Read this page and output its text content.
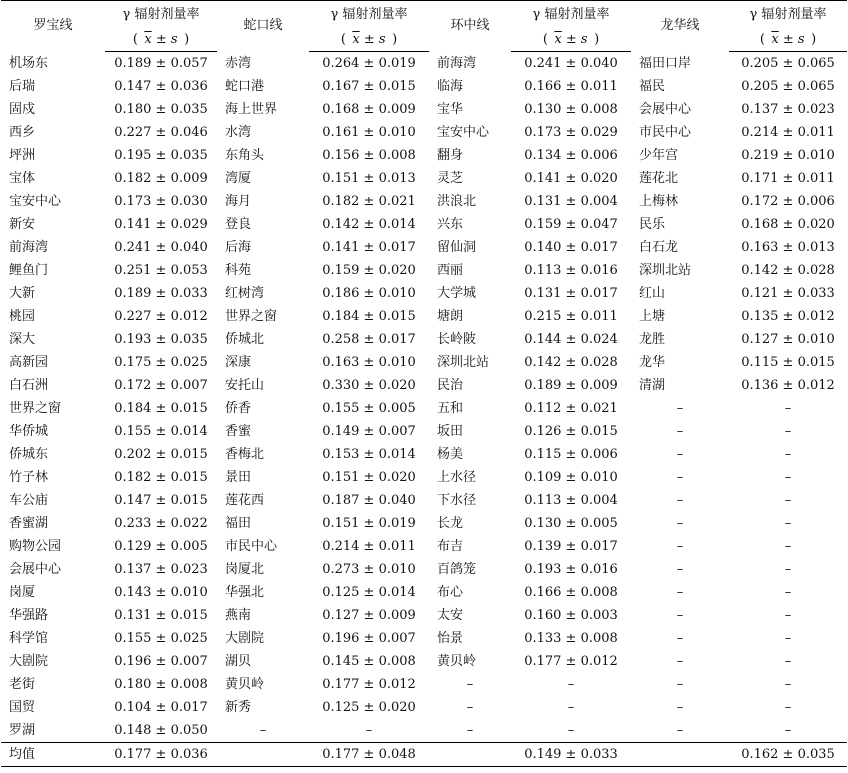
罗宝线	γ 辐射剂量率	蛇口线	γ 辐射剂量率	环中线	γ 辐射剂量率	龙华线	γ 辐射剂量率
	(  $\overline{x} \pm s$  )		(  $\overline{x} \pm s$  )		(  $\overline{x} \pm s$  )		(  $\overline{x} \pm s$  )
机场东	0.189 ± 0.057	赤湾	0.264 ± 0.019	前海湾	0.241 ± 0.040	福田口岸	0.205 ± 0.065
后瑞	0.147 ± 0.036	蛇口港	0.167 ± 0.015	临海	0.166 ± 0.011	福民	0.205 ± 0.065
固戍	0.180 ± 0.035	海上世界	0.168 ± 0.009	宝华	0.130 ± 0.008	会展中心	0.137 ± 0.023
西乡	0.227 ± 0.046	水湾	0.161 ± 0.010	宝安中心	0.173 ± 0.029	市民中心	0.214 ± 0.011
坪洲	0.195 ± 0.035	东角头	0.156 ± 0.008	翻身	0.134 ± 0.006	少年宫	0.219 ± 0.010
宝体	0.182 ± 0.009	湾厦	0.151 ± 0.013	灵芝	0.141 ± 0.020	莲花北	0.171 ± 0.011
宝安中心	0.173 ± 0.030	海月	0.182 ± 0.021	洪浪北	0.131 ± 0.004	上梅林	0.172 ± 0.006
新安	0.141 ± 0.029	登良	0.142 ± 0.014	兴东	0.159 ± 0.047	民乐	0.168 ± 0.020
前海湾	0.241 ± 0.040	后海	0.141 ± 0.017	留仙洞	0.140 ± 0.017	白石龙	0.163 ± 0.013
鲤鱼门	0.251 ± 0.053	科苑	0.159 ± 0.020	西丽	0.113 ± 0.016	深圳北站	0.142 ± 0.028
大新	0.189 ± 0.033	红树湾	0.186 ± 0.010	大学城	0.131 ± 0.017	红山	0.121 ± 0.033
桃园	0.227 ± 0.012	世界之窗	0.184 ± 0.015	塘朗	0.215 ± 0.011	上塘	0.135 ± 0.012
深大	0.193 ± 0.035	侨城北	0.258 ± 0.017	长岭陂	0.144 ± 0.024	龙胜	0.127 ± 0.010
高新园	0.175 ± 0.025	深康	0.163 ± 0.010	深圳北站	0.142 ± 0.028	龙华	0.115 ± 0.015
白石洲	0.172 ± 0.007	安托山	0.330 ± 0.020	民治	0.189 ± 0.009	清湖	0.136 ± 0.012
世界之窗	0.184 ± 0.015	侨香	0.155 ± 0.005	五和	0.112 ± 0.021	–	–
华侨城	0.155 ± 0.014	香蜜	0.149 ± 0.007	坂田	0.126 ± 0.015	–	–
侨城东	0.202 ± 0.015	香梅北	0.153 ± 0.014	杨美	0.115 ± 0.006	–	–
竹子林	0.182 ± 0.015	景田	0.151 ± 0.020	上水径	0.109 ± 0.010	–	–
车公庙	0.147 ± 0.015	莲花西	0.187 ± 0.040	下水径	0.113 ± 0.004	–	–
香蜜湖	0.233 ± 0.022	福田	0.151 ± 0.019	长龙	0.130 ± 0.005	–	–
购物公园	0.129 ± 0.005	市民中心	0.214 ± 0.011	布吉	0.139 ± 0.017	–	–
会展中心	0.137 ± 0.023	岗厦北	0.273 ± 0.010	百鸽笼	0.193 ± 0.016	–	–
岗厦	0.143 ± 0.010	华强北	0.125 ± 0.014	布心	0.166 ± 0.008	–	–
华强路	0.131 ± 0.015	燕南	0.127 ± 0.009	太安	0.160 ± 0.003	–	–
科学馆	0.155 ± 0.025	大剧院	0.196 ± 0.007	怡景	0.133 ± 0.008	–	–
大剧院	0.196 ± 0.007	湖贝	0.145 ± 0.008	黄贝岭	0.177 ± 0.012	–	–
老街	0.180 ± 0.008	黄贝岭	0.177 ± 0.012	–	–	–	–
国贸	0.104 ± 0.017	新秀	0.125 ± 0.020	–	–	–	–
罗湖	0.148 ± 0.050	–	–	–	–	–	–
均值	0.177 ± 0.036		0.177 ± 0.048		0.149 ± 0.033		0.162 ± 0.035
